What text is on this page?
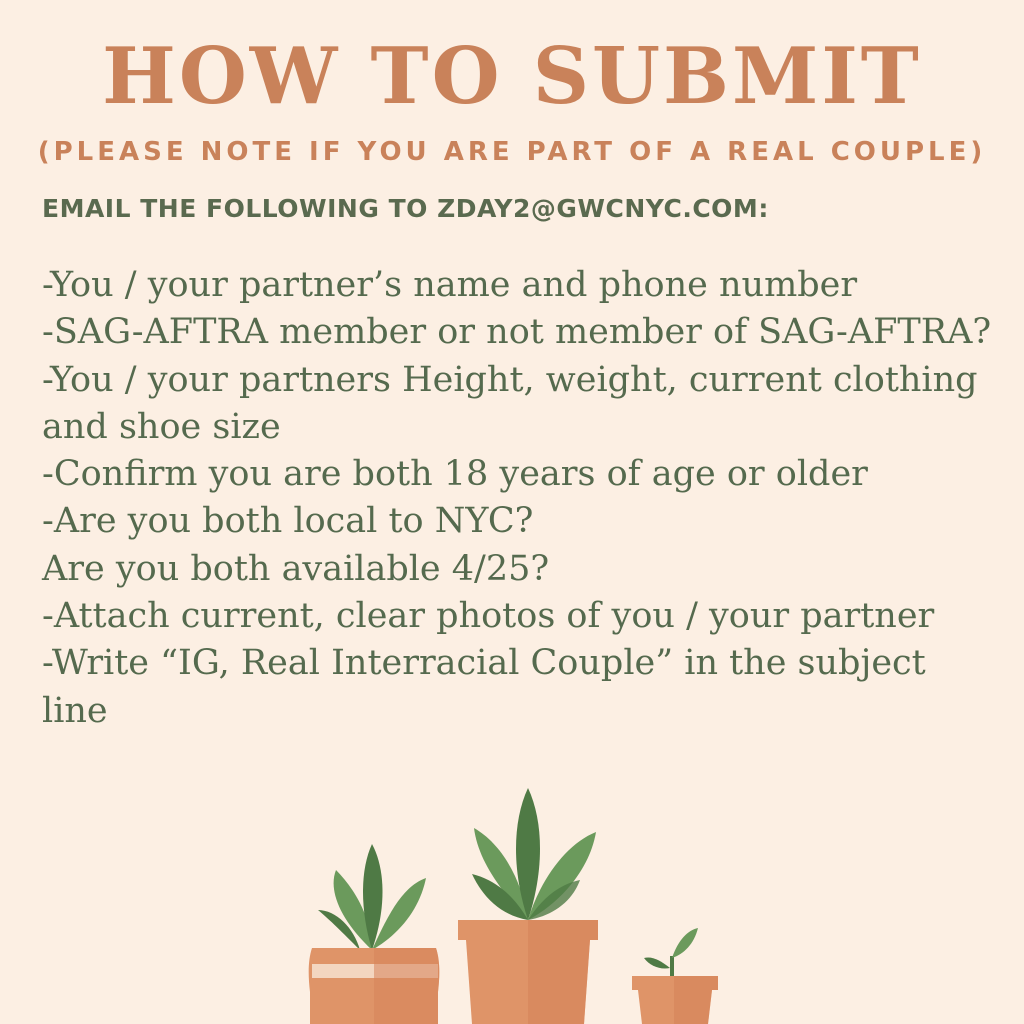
HOW TO SUBMIT
(PLEASE NOTE IF YOU ARE PART OF A REAL COUPLE)
EMAIL THE FOLLOWING TO ZDAY2@GWCNYC.COM:
-You / your partner’s name and phone number
-SAG-AFTRA member or not member of SAG-AFTRA?
-You / your partners Height, weight, current clothing and shoe size
-Confirm you are both 18 years of age or older
-Are you both local to NYC?
Are you both available 4/25?
-Attach current, clear photos of you / your partner
-Write “IG, Real Interracial Couple” in the subject line
